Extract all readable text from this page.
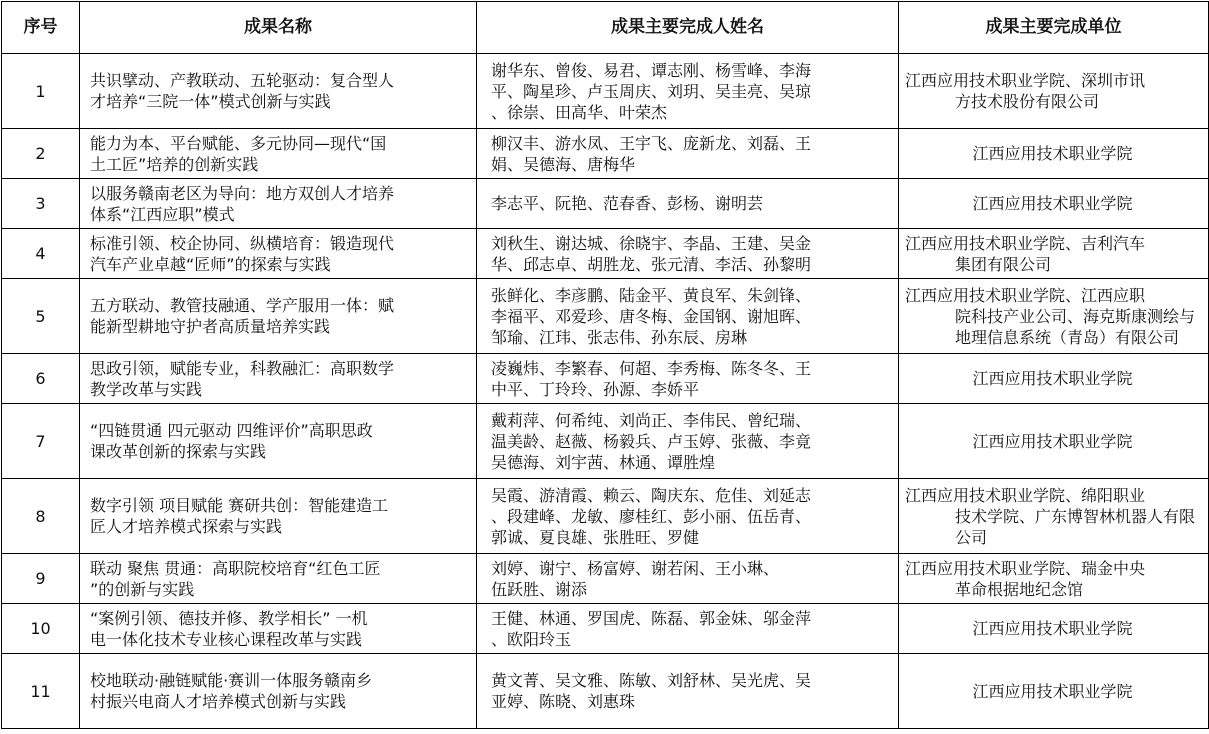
序号	成果名称	成果主要完成人姓名	成果主要完成单位
1	共识擘动、产教联动、五轮驱动：复合型人
才培养“三院一体”模式创新与实践	谢华东、曾俊、易君、谭志刚、杨雪峰、李海
平、陶星珍、卢玉周庆、刘玥、吴圭亮、吴琼
、徐崇、田高华、叶荣杰	江西应用技术职业学院、深圳市讯
方技术股份有限公司

2	能力为本、平台赋能、多元协同—现代“国
土工匠”培养的创新实践	柳汉丰、游水凤、王宇飞、庞新龙、刘磊、王
娟、吴德海、唐梅华	江西应用技术职业学院

3	以服务赣南老区为导向：地方双创人才培养
体系“江西应职”模式	李志平、阮艳、范春香、彭杨、谢明芸	江西应用技术职业学院

4	标准引领、校企协同、纵横培育：锻造现代
汽车产业卓越“匠师”的探索与实践	刘秋生、谢达城、徐晓宇、李晶、王建、吴金
华、邱志卓、胡胜龙、张元清、李活、孙黎明	江西应用技术职业学院、吉利汽车
集团有限公司

5	五方联动、教管技融通、学产服用一体：赋
能新型耕地守护者高质量培养实践	张鲜化、李彦鹏、陆金平、黄良军、朱剑锋、
李福平、邓爱珍、唐冬梅、金国钢、谢旭晖、
邹瑜、江玮、张志伟、孙东辰、房琳	江西应用技术职业学院、江西应职
院科技产业公司、海克斯康测绘与
地理信息系统（青岛）有限公司

6	思政引领，赋能专业，科教融汇：高职数学
教学改革与实践	凌巍炜、李繁春、何超、李秀梅、陈冬冬、王
中平、丁玲玲、孙源、李娇平	江西应用技术职业学院

7	“四链贯通 四元驱动 四维评价”高职思政
课改革创新的探索与实践	戴莉萍、何希纯、刘尚正、李伟民、曾纪瑞、
温美龄、赵薇、杨毅兵、卢玉婷、张薇、李竟
吴德海、刘宇茜、林通、谭胜煌	江西应用技术职业学院

8	数字引领 项目赋能 赛研共创：智能建造工
匠人才培养模式探索与实践	吴霞、游清霞、赖云、陶庆东、危佳、刘延志
、段建峰、龙敏、廖桂红、彭小丽、伍岳青、
郭诚、夏良雄、张胜旺、罗健	江西应用技术职业学院、绵阳职业
技术学院、广东博智林机器人有限
公司

9	联动 聚焦 贯通：高职院校培育“红色工匠
”的创新与实践	刘婷、谢宁、杨富婷、谢若闲、王小琳、
伍跃胜、谢添	江西应用技术职业学院、瑞金中央
革命根据地纪念馆

10	“案例引领、德技并修、教学相长” 一机
电一体化技术专业核心课程改革与实践	王健、林通、罗国虎、陈磊、郭金妹、邬金萍
、欧阳玲玉	江西应用技术职业学院

11	校地联动·融链赋能·赛训一体服务赣南乡
村振兴电商人才培养模式创新与实践	黄文菁、吴文雅、陈敏、刘舒林、吴光虎、吴
亚婷、陈晓、刘惠珠	江西应用技术职业学院
